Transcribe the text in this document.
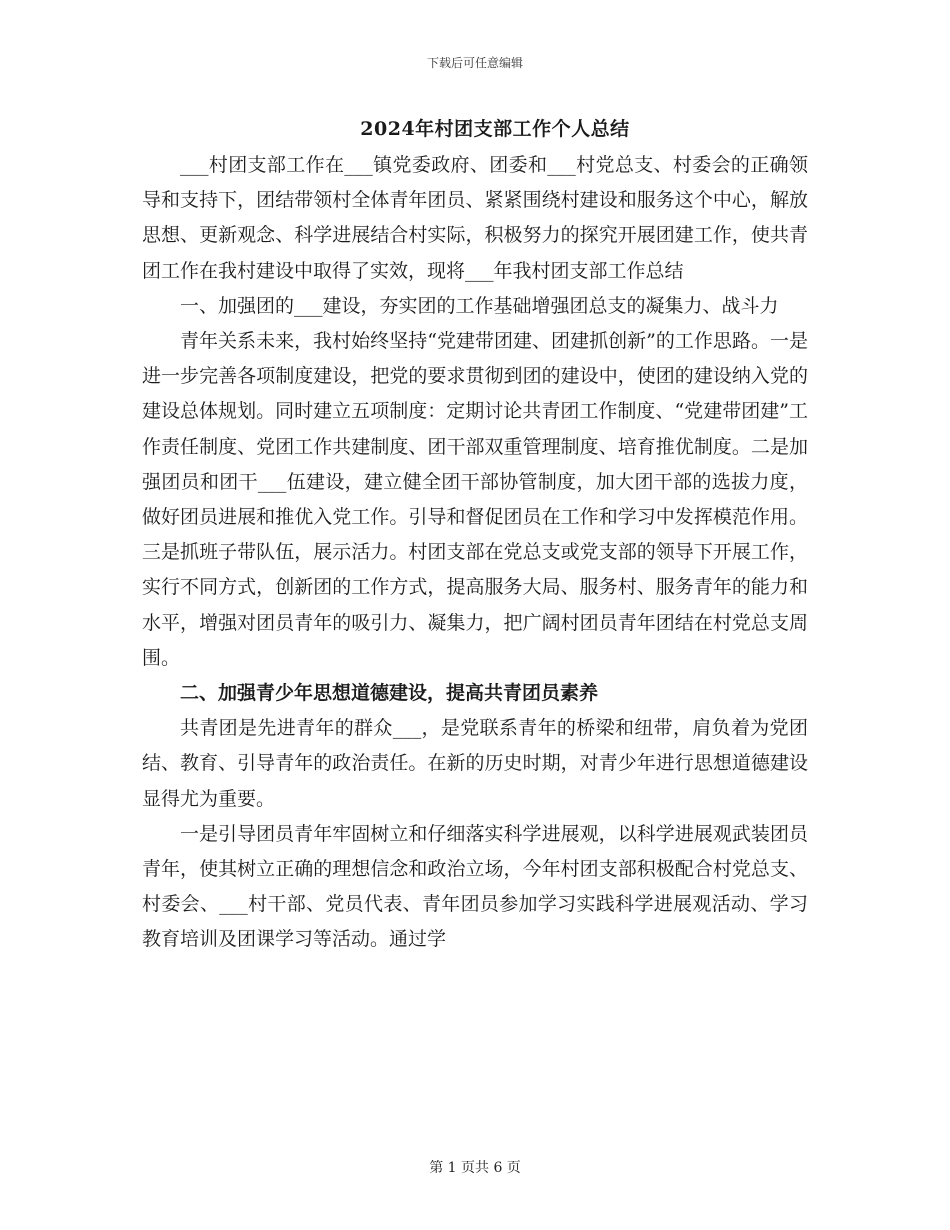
下载后可任意编辑
2024年村团支部工作个人总结

___村团支部工作在___镇党委政府、团委和___村党总支、村委会的正确领导和支持下，团结带领村全体青年团员、紧紧围绕村建设和服务这个中心，解放思想、更新观念、科学进展结合村实际，积极努力的探究开展团建工作，使共青团工作在我村建设中取得了实效，现将___年我村团支部工作总结

一、加强团的___建设，夯实团的工作基础增强团总支的凝集力、战斗力

青年关系未来，我村始终坚持“党建带团建、团建抓创新”的工作思路。一是进一步完善各项制度建设，把党的要求贯彻到团的建设中，使团的建设纳入党的建设总体规划。同时建立五项制度：定期讨论共青团工作制度、“党建带团建”工作责任制度、党团工作共建制度、团干部双重管理制度、培育推优制度。二是加强团员和团干___伍建设，建立健全团干部协管制度，加大团干部的选拔力度，做好团员进展和推优入党工作。引导和督促团员在工作和学习中发挥模范作用。三是抓班子带队伍，展示活力。村团支部在党总支或党支部的领导下开展工作，实行不同方式，创新团的工作方式，提高服务大局、服务村、服务青年的能力和水平，增强对团员青年的吸引力、凝集力，把广阔村团员青年团结在村党总支周围。

二、加强青少年思想道德建设，提高共青团员素养

共青团是先进青年的群众___，是党联系青年的桥梁和纽带，肩负着为党团结、教育、引导青年的政治责任。在新的历史时期，对青少年进行思想道德建设显得尤为重要。

一是引导团员青年牢固树立和仔细落实科学进展观，以科学进展观武装团员青年，使其树立正确的理想信念和政治立场，今年村团支部积极配合村党总支、村委会、___村干部、党员代表、青年团员参加学习实践科学进展观活动、学习教育培训及团课学习等活动。通过学

第 1 页共 6 页
